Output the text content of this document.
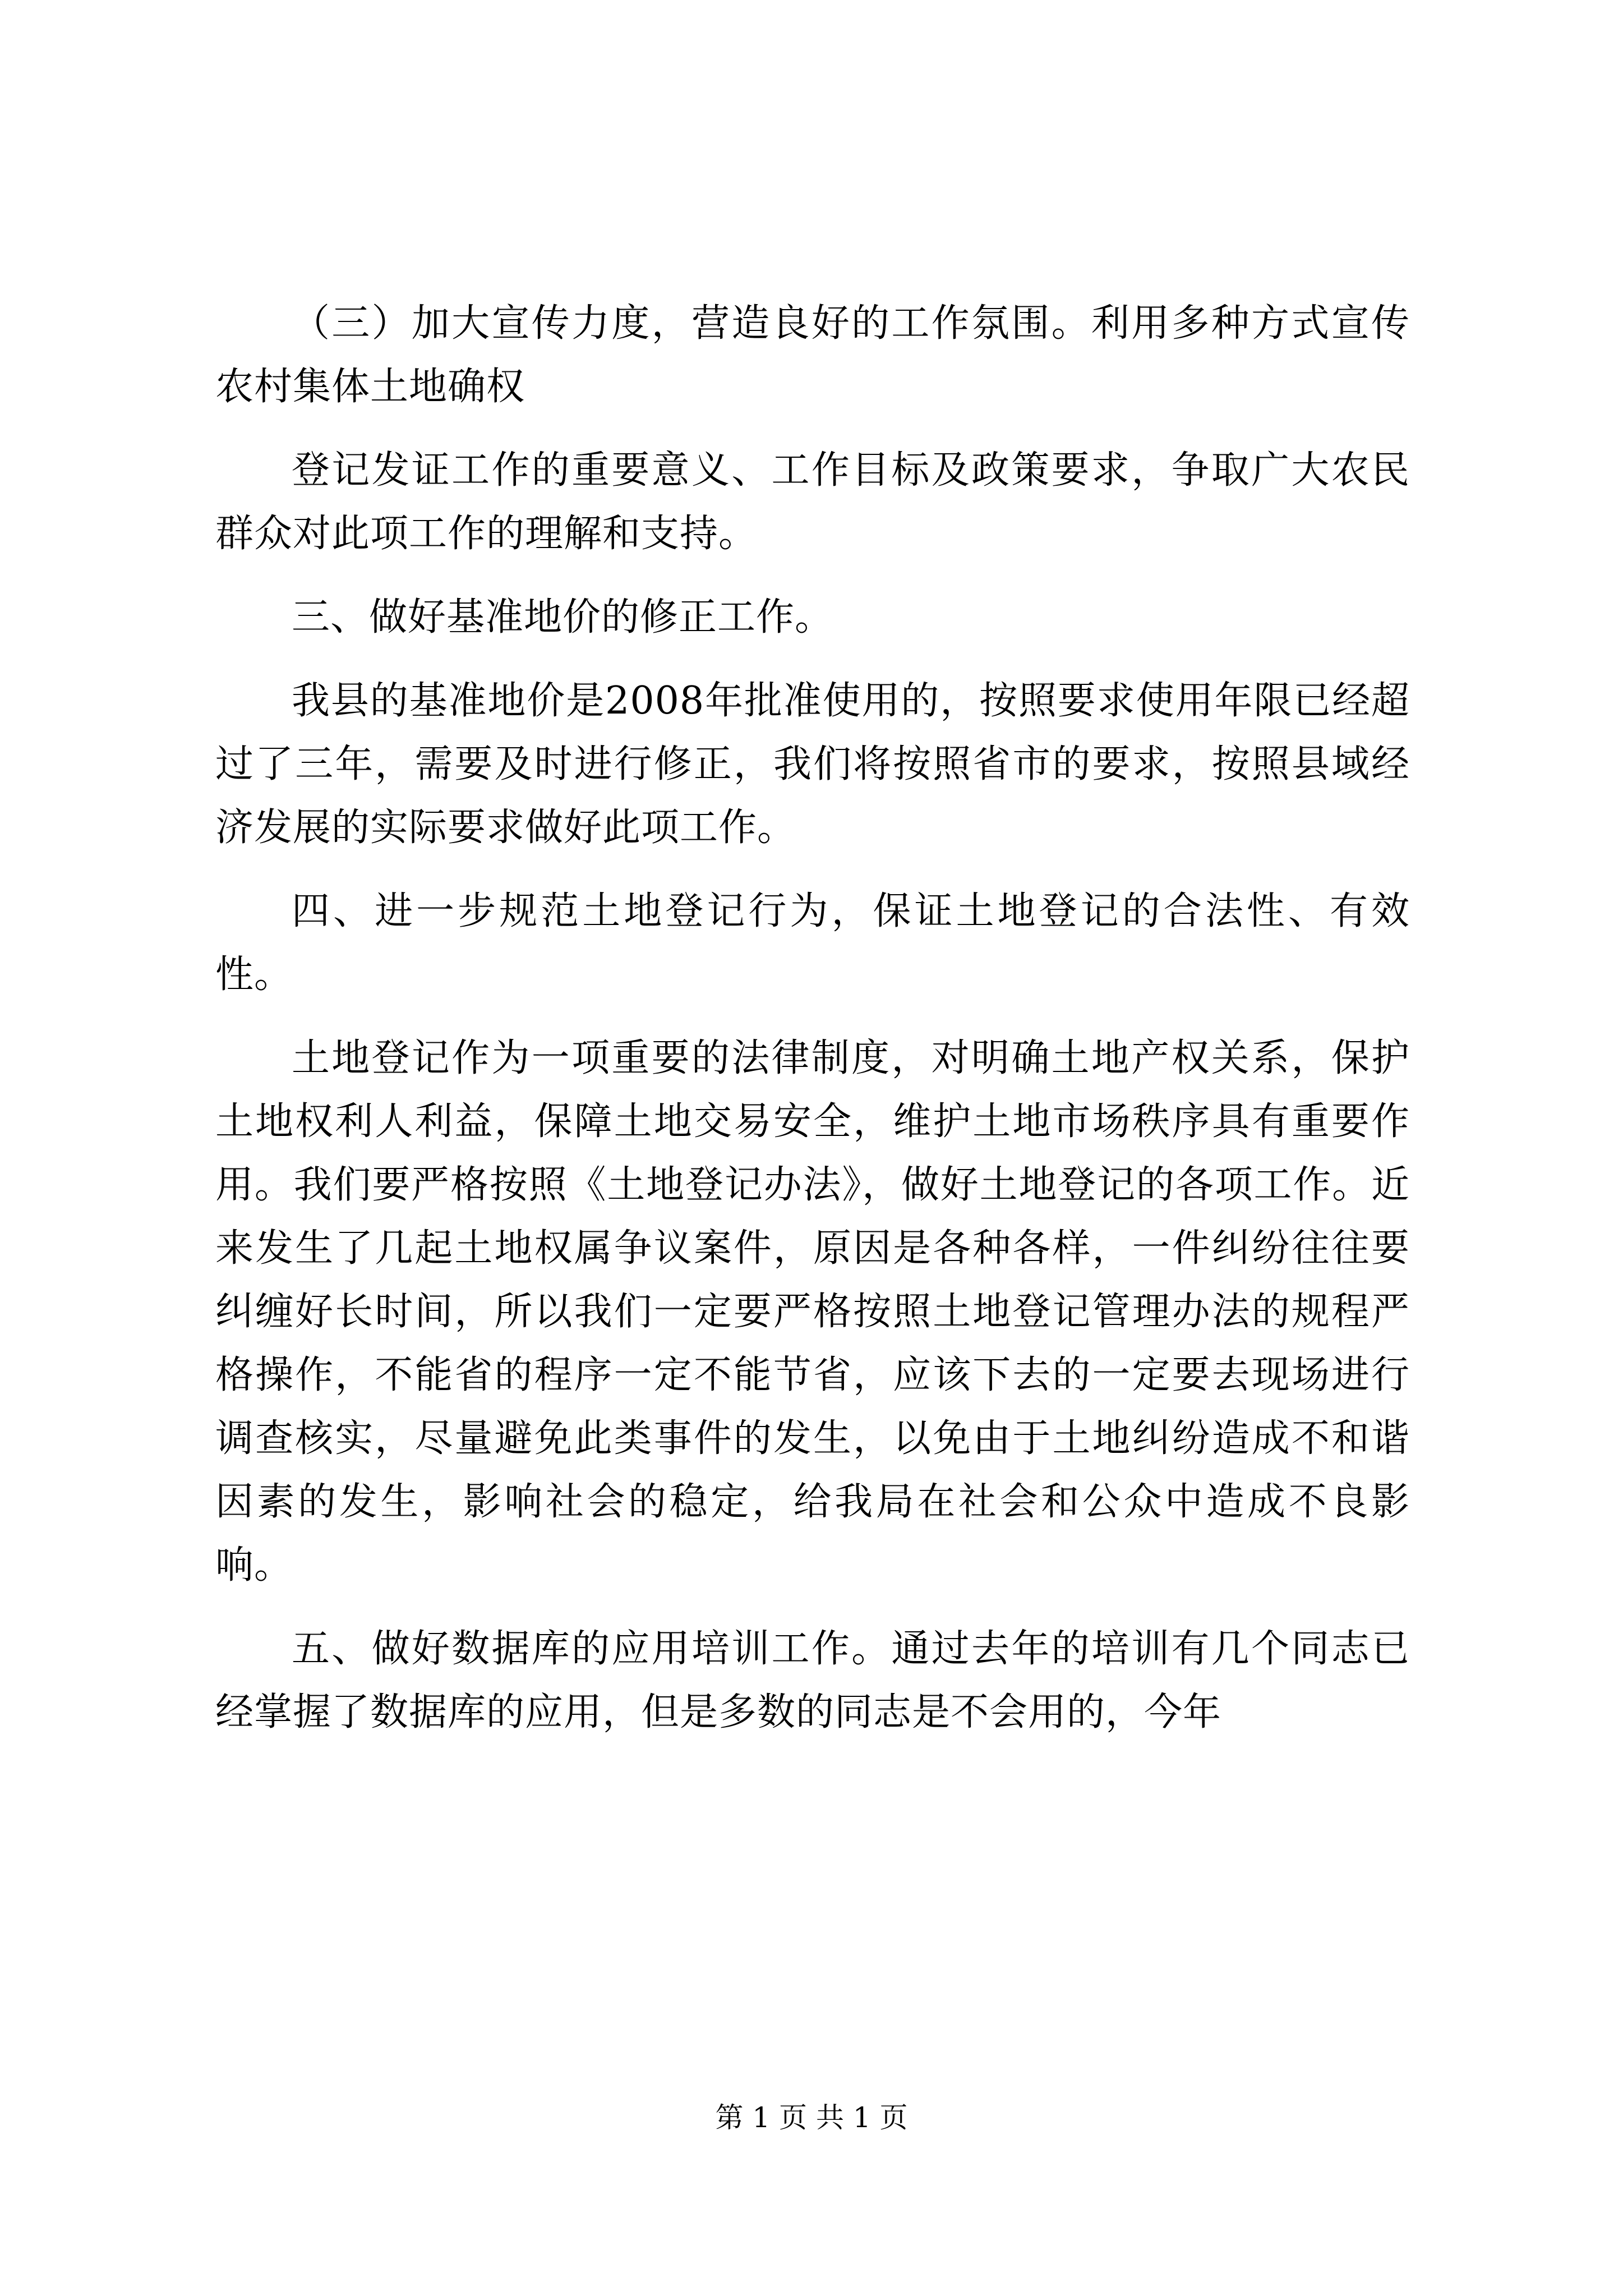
（三）加大宣传力度，营造良好的工作氛围。利用多种方式宣传农村集体土地确权

登记发证工作的重要意义、工作目标及政策要求，争取广大农民群众对此项工作的理解和支持。

三、做好基准地价的修正工作。

我县的基准地价是2008年批准使用的，按照要求使用年限已经超过了三年，需要及时进行修正，我们将按照省市的要求，按照县域经济发展的实际要求做好此项工作。

四、进一步规范土地登记行为，保证土地登记的合法性、有效性。

土地登记作为一项重要的法律制度，对明确土地产权关系，保护土地权利人利益，保障土地交易安全，维护土地市场秩序具有重要作用。我们要严格按照《土地登记办法》，做好土地登记的各项工作。近来发生了几起土地权属争议案件，原因是各种各样，一件纠纷往往要纠缠好长时间，所以我们一定要严格按照土地登记管理办法的规程严格操作，不能省的程序一定不能节省，应该下去的一定要去现场进行调查核实，尽量避免此类事件的发生，以免由于土地纠纷造成不和谐因素的发生，影响社会的稳定，给我局在社会和公众中造成不良影响。

五、做好数据库的应用培训工作。通过去年的培训有几个同志已经掌握了数据库的应用，但是多数的同志是不会用的，今年

第 1 页 共 1 页
